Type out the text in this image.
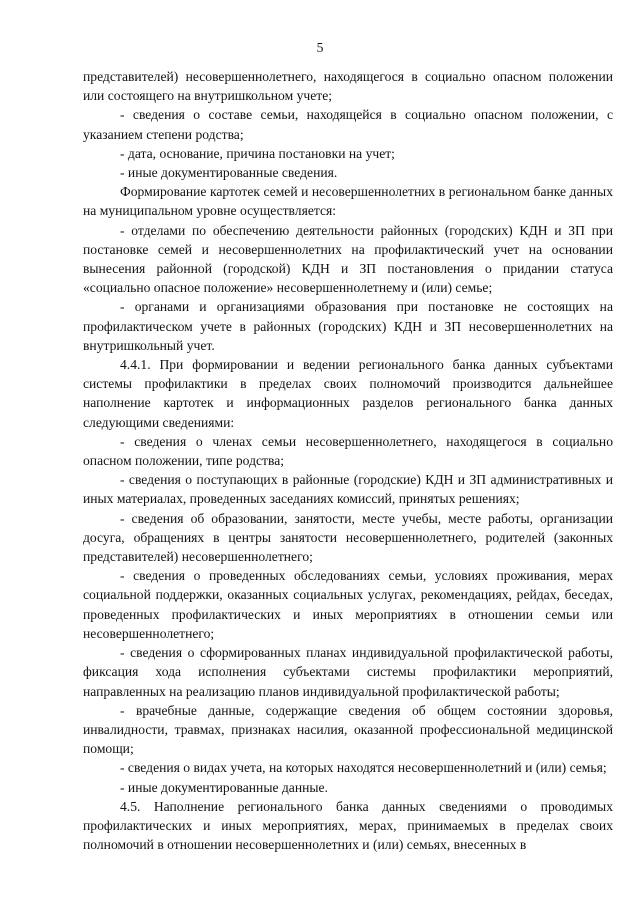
5

представителей) несовершеннолетнего, находящегося в социально опасном положении или состоящего на внутришкольном учете;

- сведения о составе семьи, находящейся в социально опасном положении, с указанием степени родства;

- дата, основание, причина постановки на учет;

- иные документированные сведения.

Формирование картотек семей и несовершеннолетних в региональном банке данных на муниципальном уровне осуществляется:

- отделами по обеспечению деятельности районных (городских) КДН и ЗП при постановке семей и несовершеннолетних на профилактический учет на основании вынесения районной (городской) КДН и ЗП постановления о придании статуса «социально опасное положение» несовершеннолетнему и (или) семье;

- органами и организациями образования при постановке не состоящих на профилактическом учете в районных (городских) КДН и ЗП несовершеннолетних на внутришкольный учет.

4.4.1. При формировании и ведении регионального банка данных субъектами системы профилактики в пределах своих полномочий производится дальнейшее наполнение картотек и информационных разделов регионального банка данных следующими сведениями:

- сведения о членах семьи несовершеннолетнего, находящегося в социально опасном положении, типе родства;

- сведения о поступающих в районные (городские) КДН и ЗП административных и иных материалах, проведенных заседаниях комиссий, принятых решениях;

- сведения об образовании, занятости, месте учебы, месте работы, организации досуга, обращениях в центры занятости несовершеннолетнего, родителей (законных представителей) несовершеннолетнего;

- сведения о проведенных обследованиях семьи, условиях проживания, мерах социальной поддержки, оказанных социальных услугах, рекомендациях, рейдах, беседах, проведенных профилактических и иных мероприятиях в отношении семьи или несовершеннолетнего;

- сведения о сформированных планах индивидуальной профилактической работы, фиксация хода исполнения субъектами системы профилактики мероприятий, направленных на реализацию планов индивидуальной профилактической работы;

- врачебные данные, содержащие сведения об общем состоянии здоровья, инвалидности, травмах, признаках насилия, оказанной профессиональной медицинской помощи;

- сведения о видах учета, на которых находятся несовершеннолетний и (или) семья;

- иные документированные данные.

4.5. Наполнение регионального банка данных сведениями о проводимых профилактических и иных мероприятиях, мерах, принимаемых в пределах своих полномочий в отношении несовершеннолетних и (или) семьях, внесенных в
